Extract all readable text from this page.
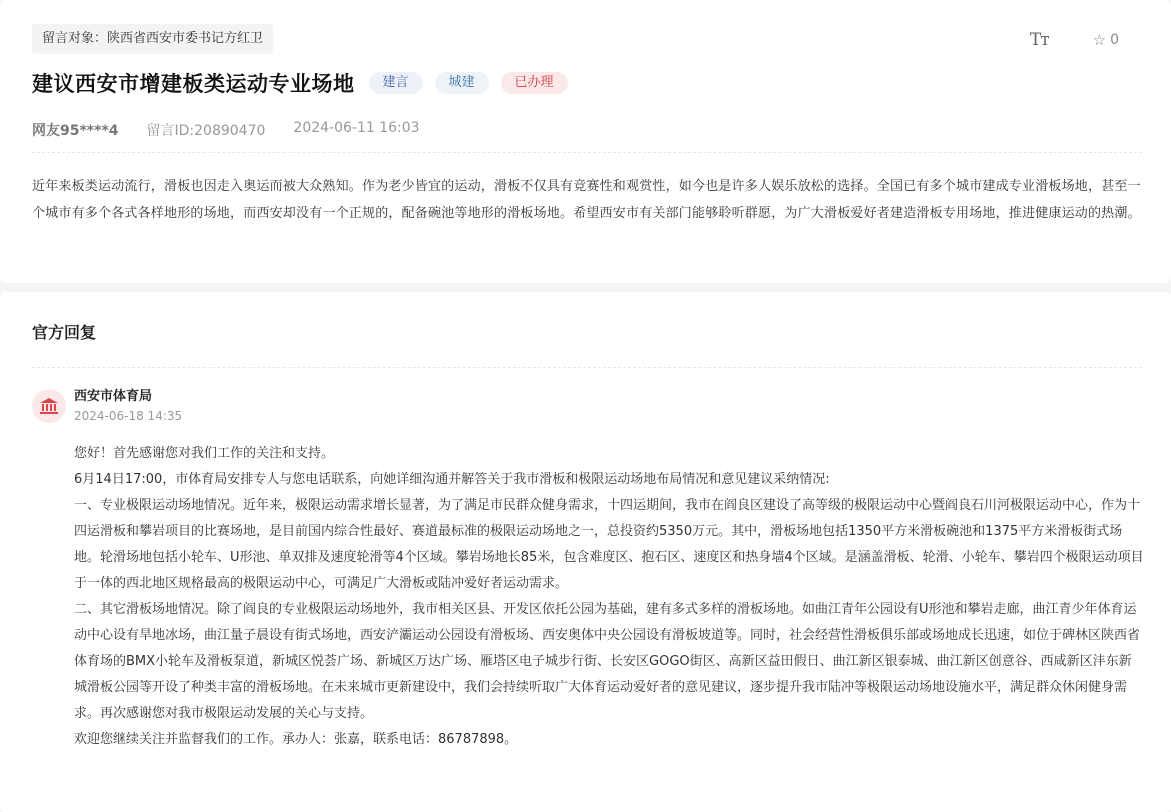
留言对象：陕西省西安市委书记方红卫	Tт	☆ 0
建议西安市增建板类运动专业场地	建言	城建	已办理
网友95****4 留言ID:20890470 2024-06-11 16:03
近年来板类运动流行，滑板也因走入奥运而被大众熟知。作为老少皆宜的运动，滑板不仅具有竞赛性和观赏性，如今也是许多人娱乐放松的选择。全国已有多个城市建成专业滑板场地，甚至一个城市有多个各式各样地形的场地，而西安却没有一个正规的，配备碗池等地形的滑板场地。希望西安市有关部门能够聆听群愿，为广大滑板爱好者建造滑板专用场地，推进健康运动的热潮。
官方回复
西安市体育局
2024-06-18 14:35

您好！首先感谢您对我们工作的关注和支持。

6月14日17:00，市体育局安排专人与您电话联系，向她详细沟通并解答关于我市滑板和极限运动场地布局情况和意见建议采纳情况:

一、专业极限运动场地情况。近年来，极限运动需求增长显著，为了满足市民群众健身需求，十四运期间，我市在阎良区建设了高等级的极限运动中心暨阎良石川河极限运动中心，作为十四运滑板和攀岩项目的比赛场地，是目前国内综合性最好、赛道最标准的极限运动场地之一，总投资约5350万元。其中，滑板场地包括1350平方米滑板碗池和1375平方米滑板街式场地。轮滑场地包括小轮车、U形池、单双排及速度轮滑等4个区域。攀岩场地长85米，包含难度区、抱石区、速度区和热身墙4个区域。是涵盖滑板、轮滑、小轮车、攀岩四个极限运动项目于一体的西北地区规格最高的极限运动中心，可满足广大滑板或陆冲爱好者运动需求。

二、其它滑板场地情况。除了阎良的专业极限运动场地外，我市相关区县、开发区依托公园为基础，建有多式多样的滑板场地。如曲江青年公园设有U形池和攀岩走廊，曲江青少年体育运动中心设有旱地冰场，曲江量子晨设有街式场地，西安浐灞运动公园设有滑板场、西安奥体中央公园设有滑板坡道等。同时，社会经营性滑板俱乐部或场地成长迅速，如位于碑林区陕西省体育场的BMX小轮车及滑板泵道，新城区悦荟广场、新城区万达广场、雁塔区电子城步行街、长安区GOGO街区、高新区益田假日、曲江新区银泰城、曲江新区创意谷、西咸新区沣东新城滑板公园等开设了种类丰富的滑板场地。在未来城市更新建设中，我们会持续听取广大体育运动爱好者的意见建议，逐步提升我市陆冲等极限运动场地设施水平，满足群众休闲健身需求。再次感谢您对我市极限运动发展的关心与支持。

欢迎您继续关注并监督我们的工作。承办人：张嘉，联系电话：86787898。
